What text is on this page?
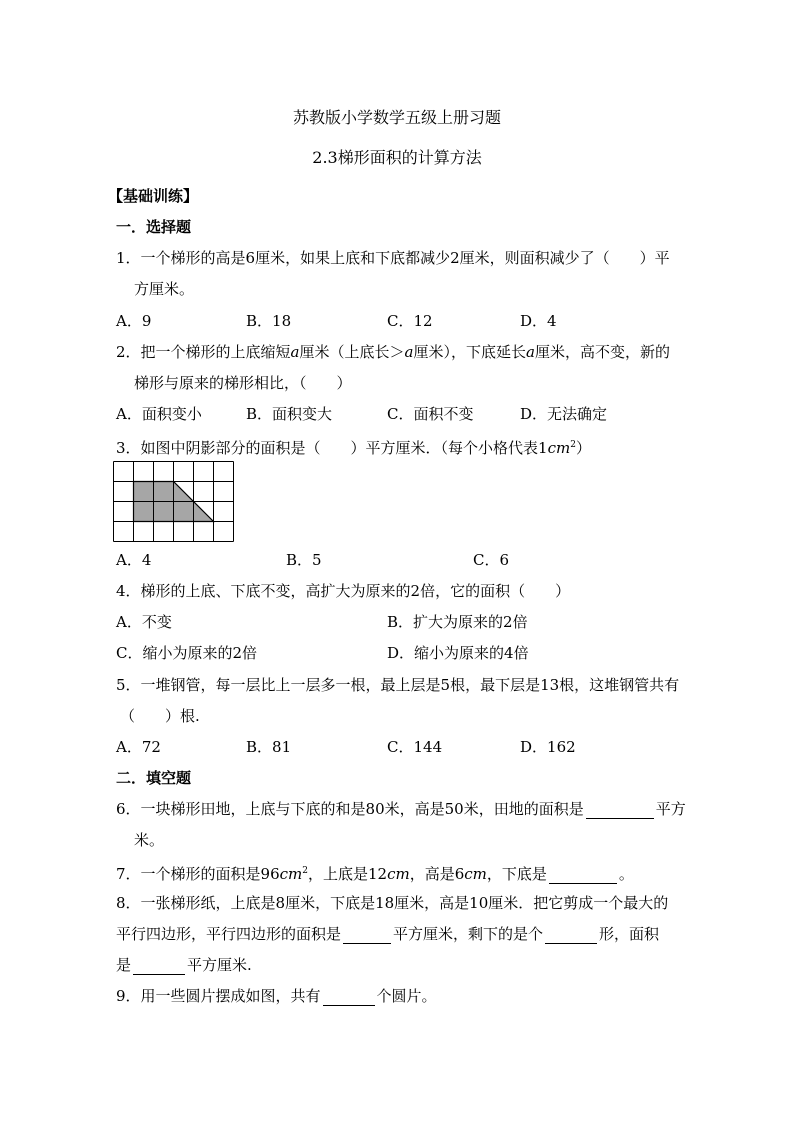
苏教版小学数学五级上册习题
2.3梯形面积的计算方法
【基础训练】
一．选择题
1．一个梯形的高是6厘米，如果上底和下底都减少2厘米，则面积减少了（　　）平
方厘米。
A．9	B．18	C．12	D．4
2．把一个梯形的上底缩短a厘米（上底长＞a厘米），下底延长a厘米，高不变，新的
梯形与原来的梯形相比，（　　）
A．面积变小	B．面积变大	C．面积不变	D．无法确定
3．如图中阴影部分的面积是（　　）平方厘米．（每个小格代表$1cm^2$）
A．4	B．5	C．6
4．梯形的上底、下底不变，高扩大为原来的2倍，它的面积（　　）
A．不变	B．扩大为原来的2倍
C．缩小为原来的2倍	D．缩小为原来的4倍
5．一堆钢管，每一层比上一层多一根，最上层是5根，最下层是13根，这堆钢管共有
（　　）根.
A．72	B．81	C．144	D．162
二．填空题
6．一块梯形田地，上底与下底的和是80米，高是50米，田地的面积是	平方
米。
7．一个梯形的面积是$96cm^2$，上底是12cm，高是6cm，下底是	。
8．一张梯形纸，上底是8厘米，下底是18厘米，高是10厘米．把它剪成一个最大的
平行四边形，平行四边形的面积是	平方厘米，剩下的是个	形，面积
是	平方厘米.
9．用一些圆片摆成如图，共有	个圆片。
